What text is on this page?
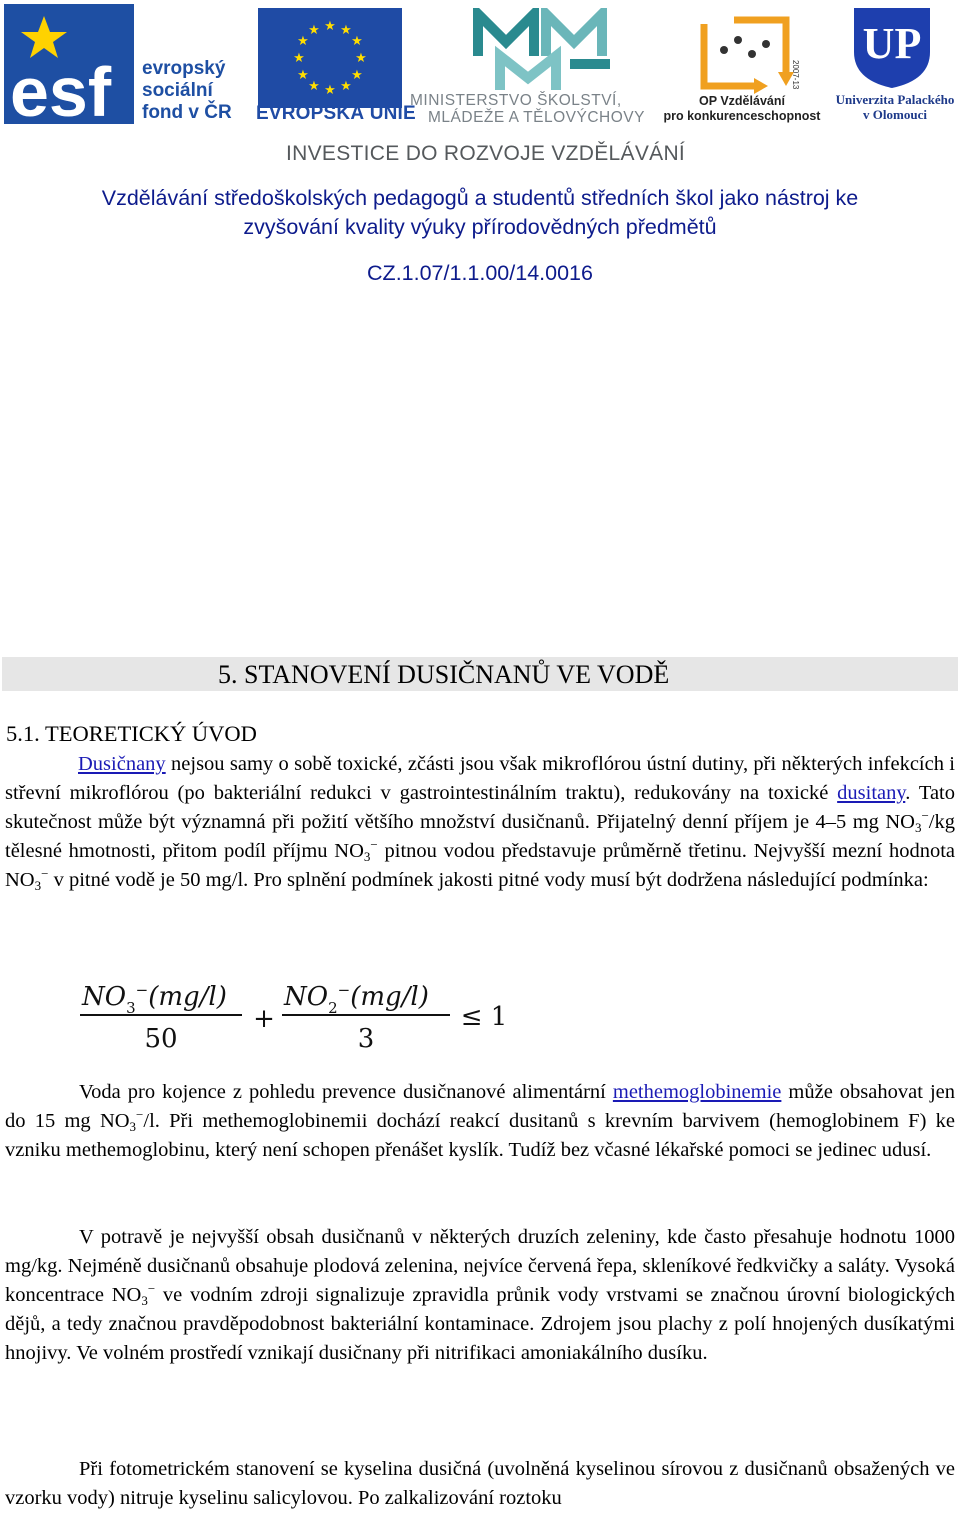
esf evropský
sociální
fond v ČR
★ ★
★
★
★
★
★
★
★
★
★
★
EVROPSKÁ UNIE
MINISTERSTVO ŠKOLSTVÍ,
MLÁDEŽE A TĚLOVÝCHOVY
2007-13
OP Vzdělávání
pro konkurenceschopnost
UP
Univerzita Palackého
v Olomouci
INVESTICE DO ROZVOJE VZDĚLÁVÁNÍ
Vzdělávání středoškolských pedagogů a studentů středních škol jako nástroj ke
zvyšování kvality výuky přírodovědných předmětů
CZ.1.07/1.1.00/14.0016
5. STANOVENÍ DUSIČNANŮ VE VODĚ
5.1. TEORETICKÝ ÚVOD
Dusičnany nejsou samy o sobě toxické, zčásti jsou však mikroflórou ústní dutiny, při některých infekcích i střevní mikroflórou (po bakteriální redukci v gastrointestinálním traktu), redukovány na toxické dusitany. Tato skutečnost může být významná při požití většího množství dusičnanů. Přijatelný denní příjem je 4–5 mg $NO_3^-/kg$ tělesné hmotnosti, přitom podíl příjmu $NO_3^-$ pitnou vodou představuje průměrně třetinu. Nejvyšší mezní hodnota $NO_3^-$ v pitné vodě je 50 mg/l. Pro splnění podmínek jakosti pitné vody musí být dodržena následující podmínka:
$NO_3^-(mg/l)$ $NO_2^-(mg/l)$
50
+
3
≤ 1
Voda pro kojence z pohledu prevence dusičnanové alimentární methemoglobinemie může obsahovat jen do 15 mg $NO_3^-/l$. Při methemoglobinemii dochází reakcí dusitanů s krevním barvivem (hemoglobinem F) ke vzniku methemoglobinu, který není schopen přenášet kyslík. Tudíž bez včasné lékařské pomoci se jedinec udusí.
V potravě je nejvyšší obsah dusičnanů v některých druzích zeleniny, kde často přesahuje hodnotu 1000 mg/kg. Nejméně dusičnanů obsahuje plodová zelenina, nejvíce červená řepa, skleníkové ředkvičky a saláty. Vysoká koncentrace $NO_3^-$ ve vodním zdroji signalizuje zpravidla průnik vody vrstvami se značnou úrovní biologických dějů, a tedy značnou pravděpodobnost bakteriální kontaminace. Zdrojem jsou plachy z polí hnojených dusíkatými hnojivy. Ve volném prostředí vznikají dusičnany při nitrifikaci amoniakálního dusíku.
Při fotometrickém stanovení se kyselina dusičná (uvolněná kyselinou sírovou z dusičnanů obsažených ve vzorku vody) nitruje kyselinu salicylovou. Po zalkalizování roztoku
